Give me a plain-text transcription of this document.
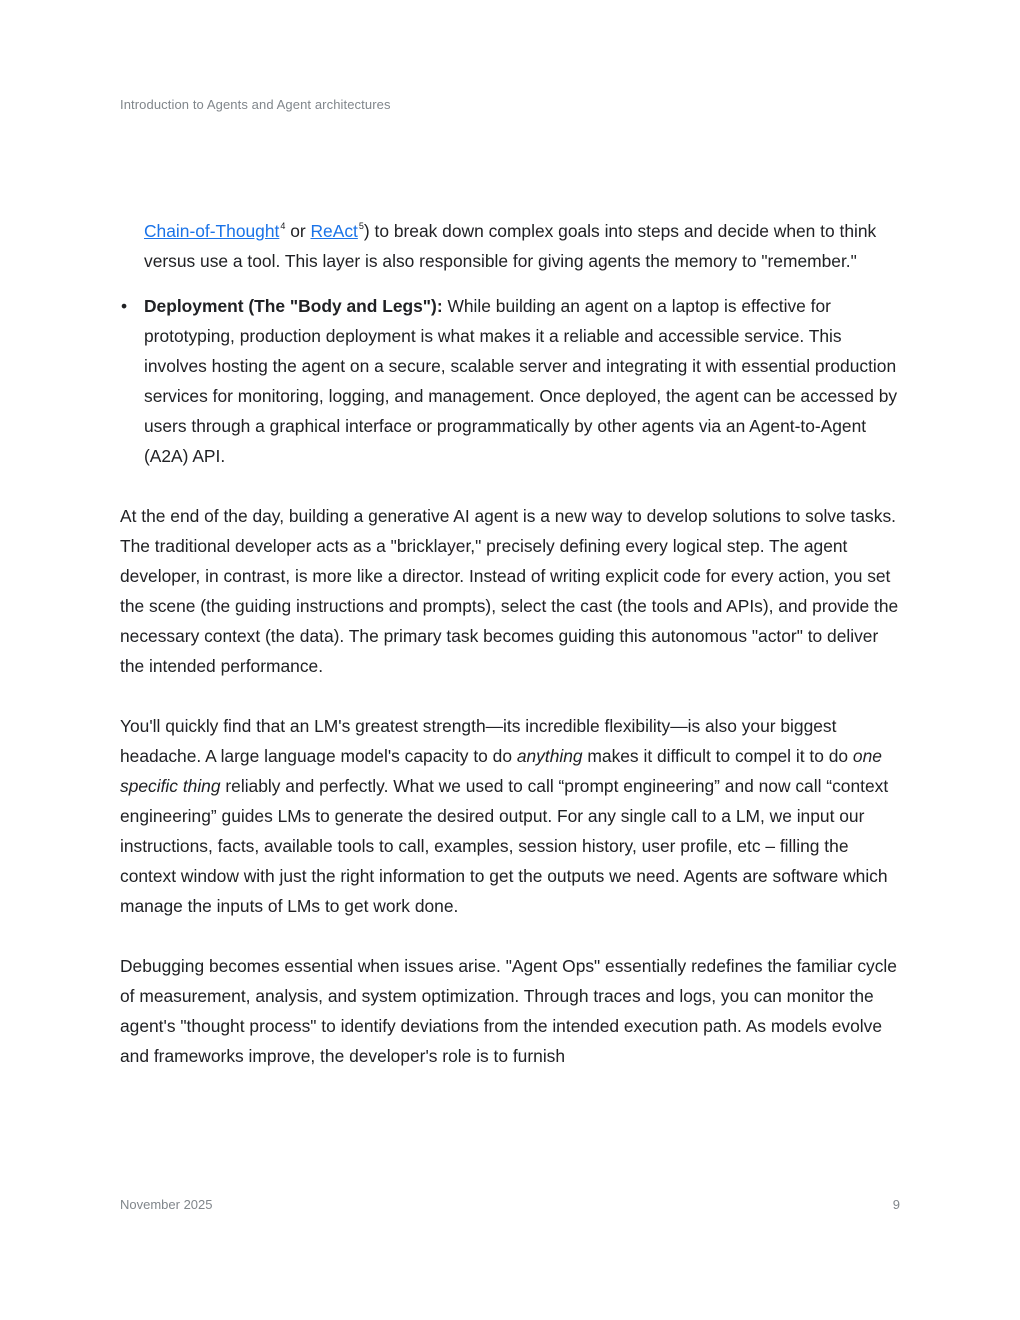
Introduction to Agents and Agent architectures

Chain-of-Thought$^4$ or ReAct$^5$) to break down complex goals into steps and decide when to think versus use a tool. This layer is also responsible for giving agents the memory to "remember."

• Deployment (The "Body and Legs"): While building an agent on a laptop is effective for prototyping, production deployment is what makes it a reliable and accessible service. This involves hosting the agent on a secure, scalable server and integrating it with essential production services for monitoring, logging, and management. Once deployed, the agent can be accessed by users through a graphical interface or programmatically by other agents via an Agent-to-Agent (A2A) API.

At the end of the day, building a generative AI agent is a new way to develop solutions to solve tasks. The traditional developer acts as a "bricklayer," precisely defining every logical step. The agent developer, in contrast, is more like a director. Instead of writing explicit code for every action, you set the scene (the guiding instructions and prompts), select the cast (the tools and APIs), and provide the necessary context (the data). The primary task becomes guiding this autonomous "actor" to deliver the intended performance.

You'll quickly find that an LM's greatest strength—its incredible flexibility—is also your biggest headache. A large language model's capacity to do anything makes it difficult to compel it to do one specific thing reliably and perfectly. What we used to call “prompt engineering” and now call “context engineering” guides LMs to generate the desired output. For any single call to a LM, we input our instructions, facts, available tools to call, examples, session history, user profile, etc – filling the context window with just the right information to get the outputs we need. Agents are software which manage the inputs of LMs to get work done.

Debugging becomes essential when issues arise. "Agent Ops" essentially redefines the familiar cycle of measurement, analysis, and system optimization. Through traces and logs, you can monitor the agent's "thought process" to identify deviations from the intended execution path. As models evolve and frameworks improve, the developer's role is to furnish

November 2025	9
